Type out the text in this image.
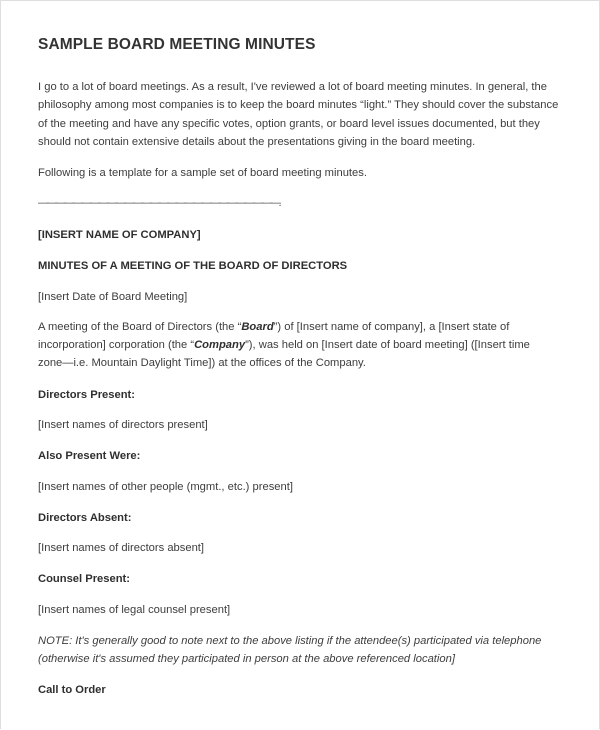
SAMPLE BOARD MEETING MINUTES
I go to a lot of board meetings. As a result, I've reviewed a lot of board meeting minutes. In general, the
philosophy among most companies is to keep the board minutes “light.” They should cover the substance
of the meeting and have any specific votes, option grants, or board level issues documented, but they
should not contain extensive details about the presentations giving in the board meeting.
Following is a template for a sample set of board meeting minutes.
————————————————————————————.
[INSERT NAME OF COMPANY]
MINUTES OF A MEETING OF THE BOARD OF DIRECTORS
[Insert Date of Board Meeting]
A meeting of the Board of Directors (the “Board”) of [Insert name of company], a [Insert state of
incorporation] corporation (the “Company”), was held on [Insert date of board meeting] ([Insert time
zone—i.e. Mountain Daylight Time]) at the offices of the Company.
Directors Present:
[Insert names of directors present]
Also Present Were:
[Insert names of other people (mgmt., etc.) present]
Directors Absent:
[Insert names of directors absent]
Counsel Present:
[Insert names of legal counsel present]
NOTE: It's generally good to note next to the above listing if the attendee(s) participated via telephone
(otherwise it's assumed they participated in person at the above referenced location]
Call to Order
